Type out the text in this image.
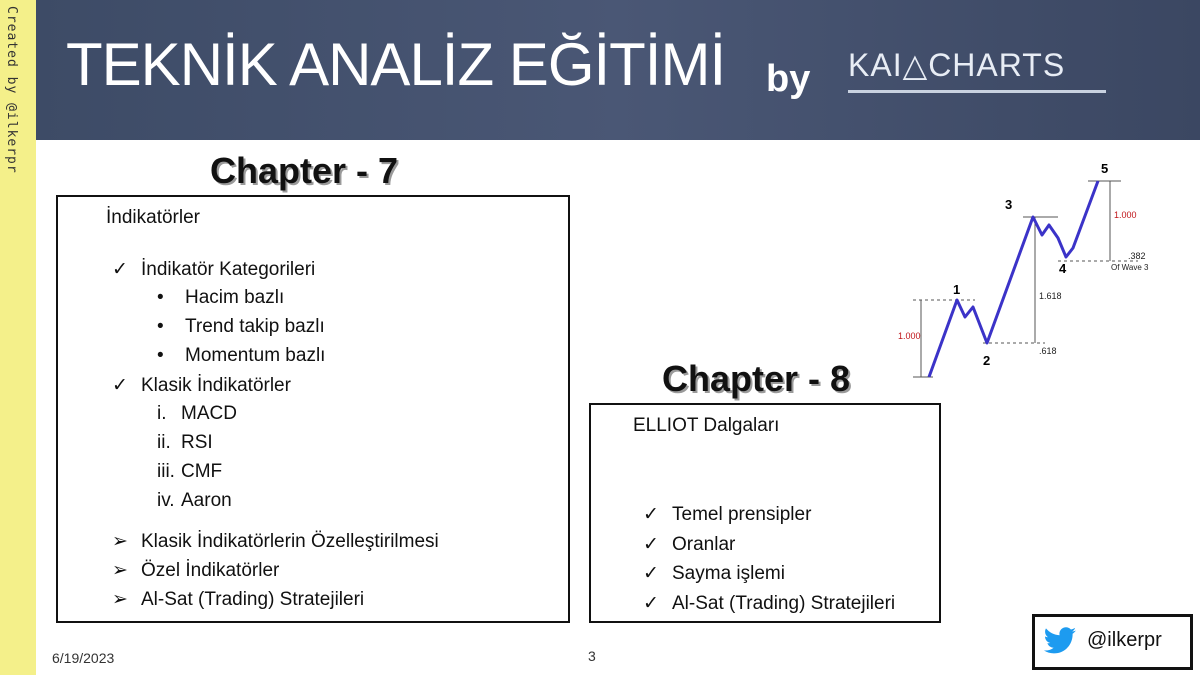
Created by @ilkerpr TEKNİK ANALİZ EĞİTİMİ by KAI△CHARTS
Chapter - 7
İndikatörler
✓ İndikatör Kategorileri
• Hacim bazlı
• Trend takip bazlı
• Momentum bazlı
✓ Klasik İndikatörler
i. MACD
ii. RSI
iii. CMF
iv. Aaron
➢ Klasik İndikatörlerin Özelleştirilmesi
➢ Özel İndikatörler
➢ Al-Sat (Trading) Stratejileri
Chapter - 8
ELLIOT Dalgaları
✓ Temel prensipler
✓ Oranlar
✓ Sayma işlemi
✓ Al-Sat (Trading) Stratejileri
1
2
3
4
5
1.000
1.618
.618
1.000
.382
Of Wave 3
6/19/2023	3
@ilkerpr
